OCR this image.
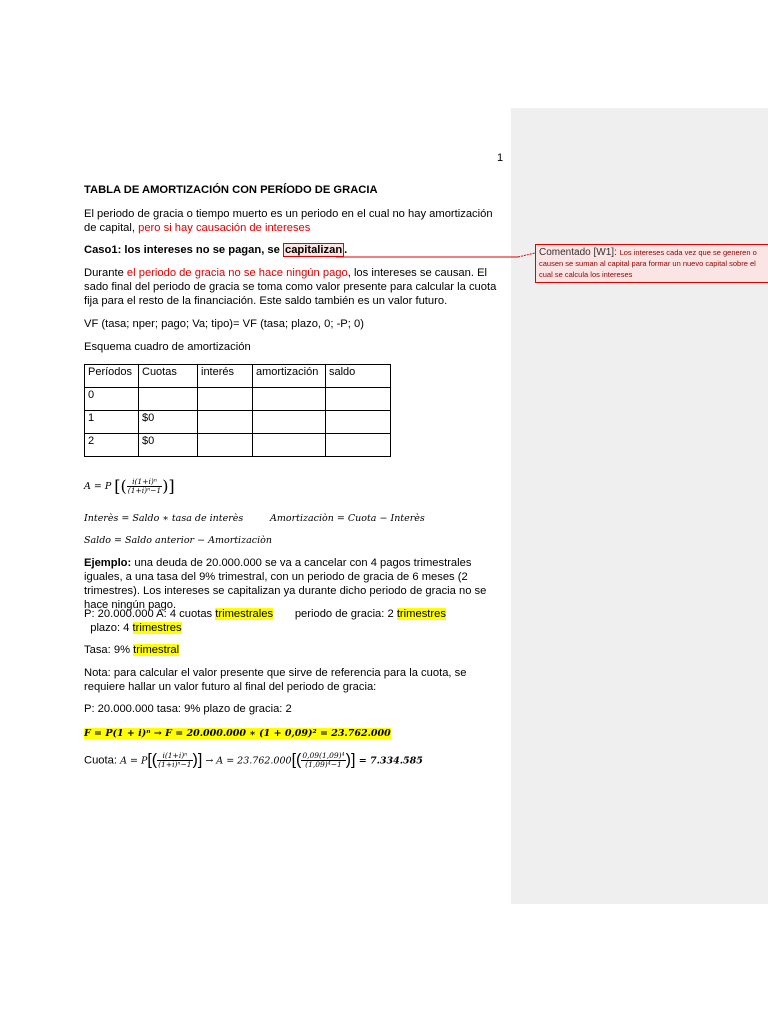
1
TABLA DE AMORTIZACIÓN CON PERÍODO DE GRACIA
El periodo de gracia o tiempo muerto es un periodo en el cual no hay amortización de capital, pero si hay causación de intereses
Caso1: los intereses no se pagan, se capitalizan .
Durante el periodo de gracia no se hace ningún pago, los intereses se causan. El sado final del periodo de gracia se toma como valor presente para calcular la cuota fija para el resto de la financiación. Este saldo también es un valor futuro.
VF (tasa; nper; pago; Va; tipo)= VF (tasa; plazo, 0; -P; 0)
Esquema cuadro de amortización
Períodos	Cuotas	interés	amortización	saldo
0				
1	$0			
2	$0			
A = P [( $\frac{\text{i(1+i)ⁿ}}{\text{(1+i)ⁿ−1}}$ )]
Interès = Saldo ∗ tasa de interès	Amortizaciòn = Cuota − Interès
Saldo = Saldo anterior − Amortizaciòn
Ejemplo: una deuda de 20.000.000 se va a cancelar con 4 pagos trimestrales iguales, a una tasa del 9% trimestral, con un periodo de gracia de 6 meses (2 trimestres). Los intereses se capitalizan ya durante dicho periodo de gracia no se hace ningún pago.
P: 20.000.000 A: 4 cuotas trimestrales       periodo de gracia: 2 trimestres  plazo: 4 trimestres
Tasa: 9% trimestral
Nota: para calcular el valor presente que sirve de referencia para la cuota, se requiere hallar un valor futuro al final del periodo de gracia:
P: 20.000.000 tasa: 9% plazo de gracia: 2
F = P(1 + i)ⁿ → F = 20.000.000 ∗ (1 + 0,09)² = 23.762.000
Cuota: $A = P[( \frac{\text{i(1+i)ⁿ}}{\text{(1+i)ⁿ−1}}$ )] → $A = 23.762.000[( \frac{\text{0,09(1,09)⁴}}{\text{(1,09)⁴−1}}$ )] = 7.334.585
Comentado [W1]: Los intereses cada vez que se generen o causen se suman al capital para formar un nuevo capital sobre el cual se calcula los intereses
